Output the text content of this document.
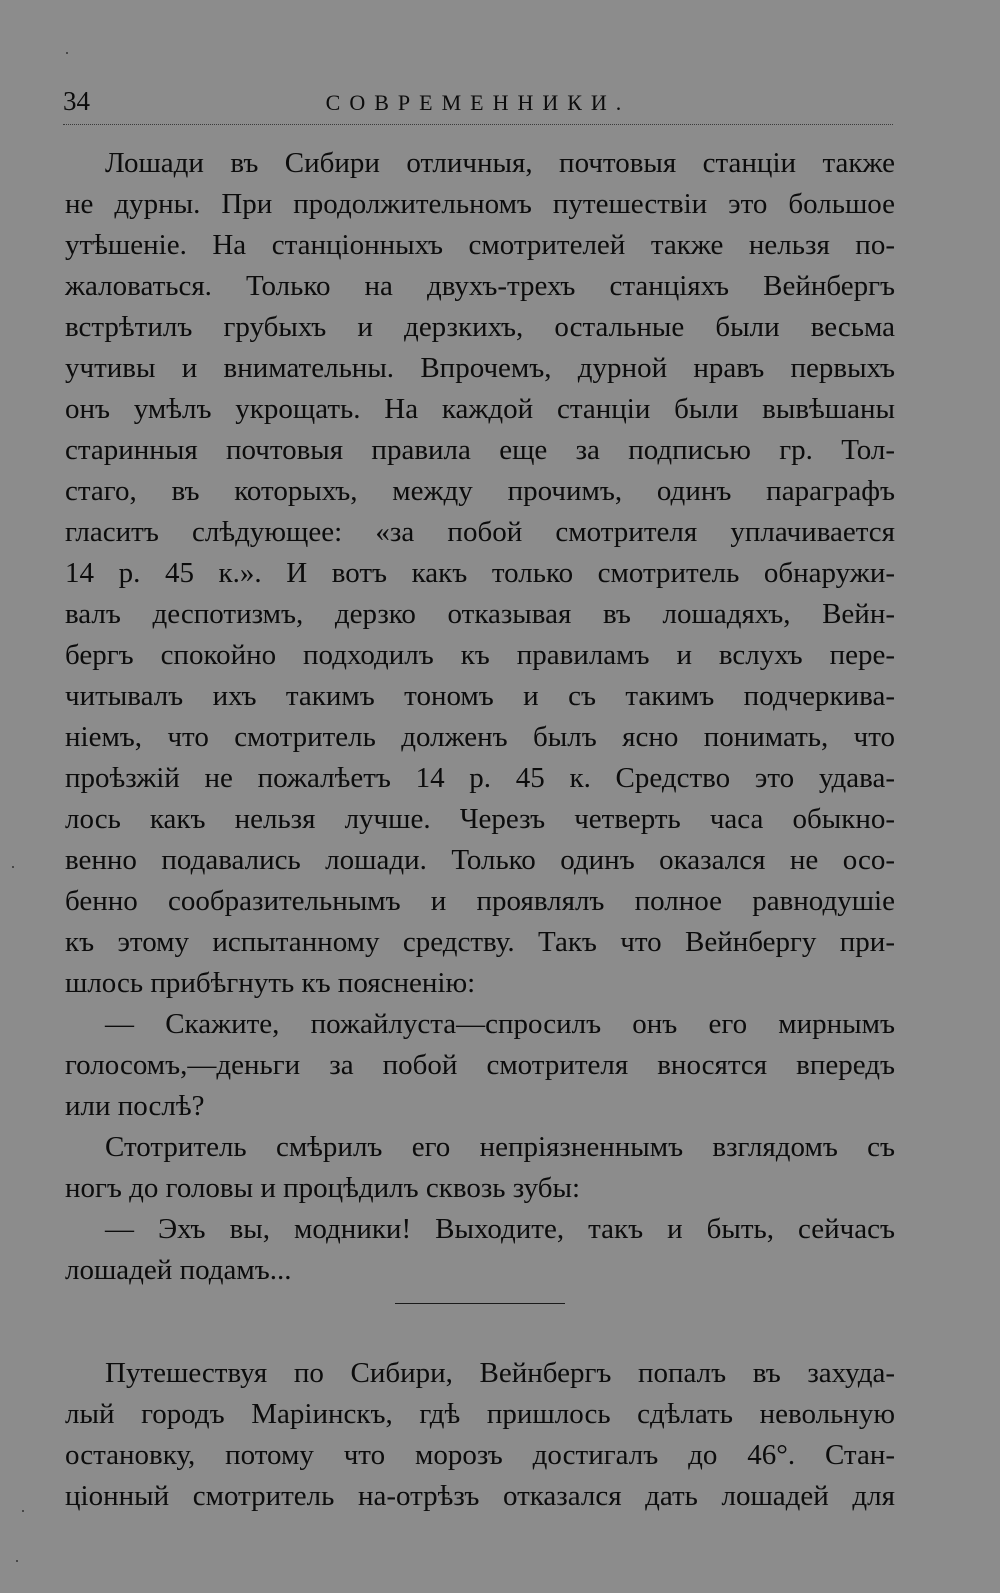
34	СОВРЕМЕННИКИ.
Лошади въ Сибири отличныя, почтовыя станціи также
не дурны. При продолжительномъ путешествіи это большое
утѣшеніе. На станціонныхъ смотрителей также нельзя по-
жаловаться. Только на двухъ-трехъ станціяхъ Вейнбергъ
встрѣтилъ грубыхъ и дерзкихъ, остальные были весьма
учтивы и внимательны. Впрочемъ, дурной нравъ первыхъ
онъ умѣлъ укрощать. На каждой станціи были вывѣшаны
старинныя почтовыя правила еще за подписью гр. Тол-
стаго, въ которыхъ, между прочимъ, одинъ параграфъ
гласитъ слѣдующее: «за побой смотрителя уплачивается
14 р. 45 к.». И вотъ какъ только смотритель обнаружи-
валъ деспотизмъ, дерзко отказывая въ лошадяхъ, Вейн-
бергъ спокойно подходилъ къ правиламъ и вслухъ пере-
читывалъ ихъ такимъ тономъ и съ такимъ подчеркива-
ніемъ, что смотритель долженъ былъ ясно понимать, что
проѣзжій не пожалѣетъ 14 р. 45 к. Средство это удава-
лось какъ нельзя лучше. Черезъ четверть часа обыкно-
венно подавались лошади. Только одинъ оказался не осо-
бенно сообразительнымъ и проявлялъ полное равнодушіе
къ этому испытанному средству. Такъ что Вейнбергу при-
шлось прибѣгнуть къ поясненію:
— Скажите, пожайлуста—спросилъ онъ его мирнымъ
голосомъ,—деньги за побой смотрителя вносятся впередъ
или послѣ?
Стотритель смѣрилъ его непріязненнымъ взглядомъ съ
ногъ до головы и процѣдилъ сквозь зубы:
— Эхъ вы, модники! Выходите, такъ и быть, сейчасъ
лошадей подамъ...
Путешествуя по Сибири, Вейнбергъ попалъ въ захуда-
лый городъ Маріинскъ, гдѣ пришлось сдѣлать невольную
остановку, потому что морозъ достигалъ до 46°. Стан-
ціонный смотритель на-отрѣзъ отказался дать лошадей для
